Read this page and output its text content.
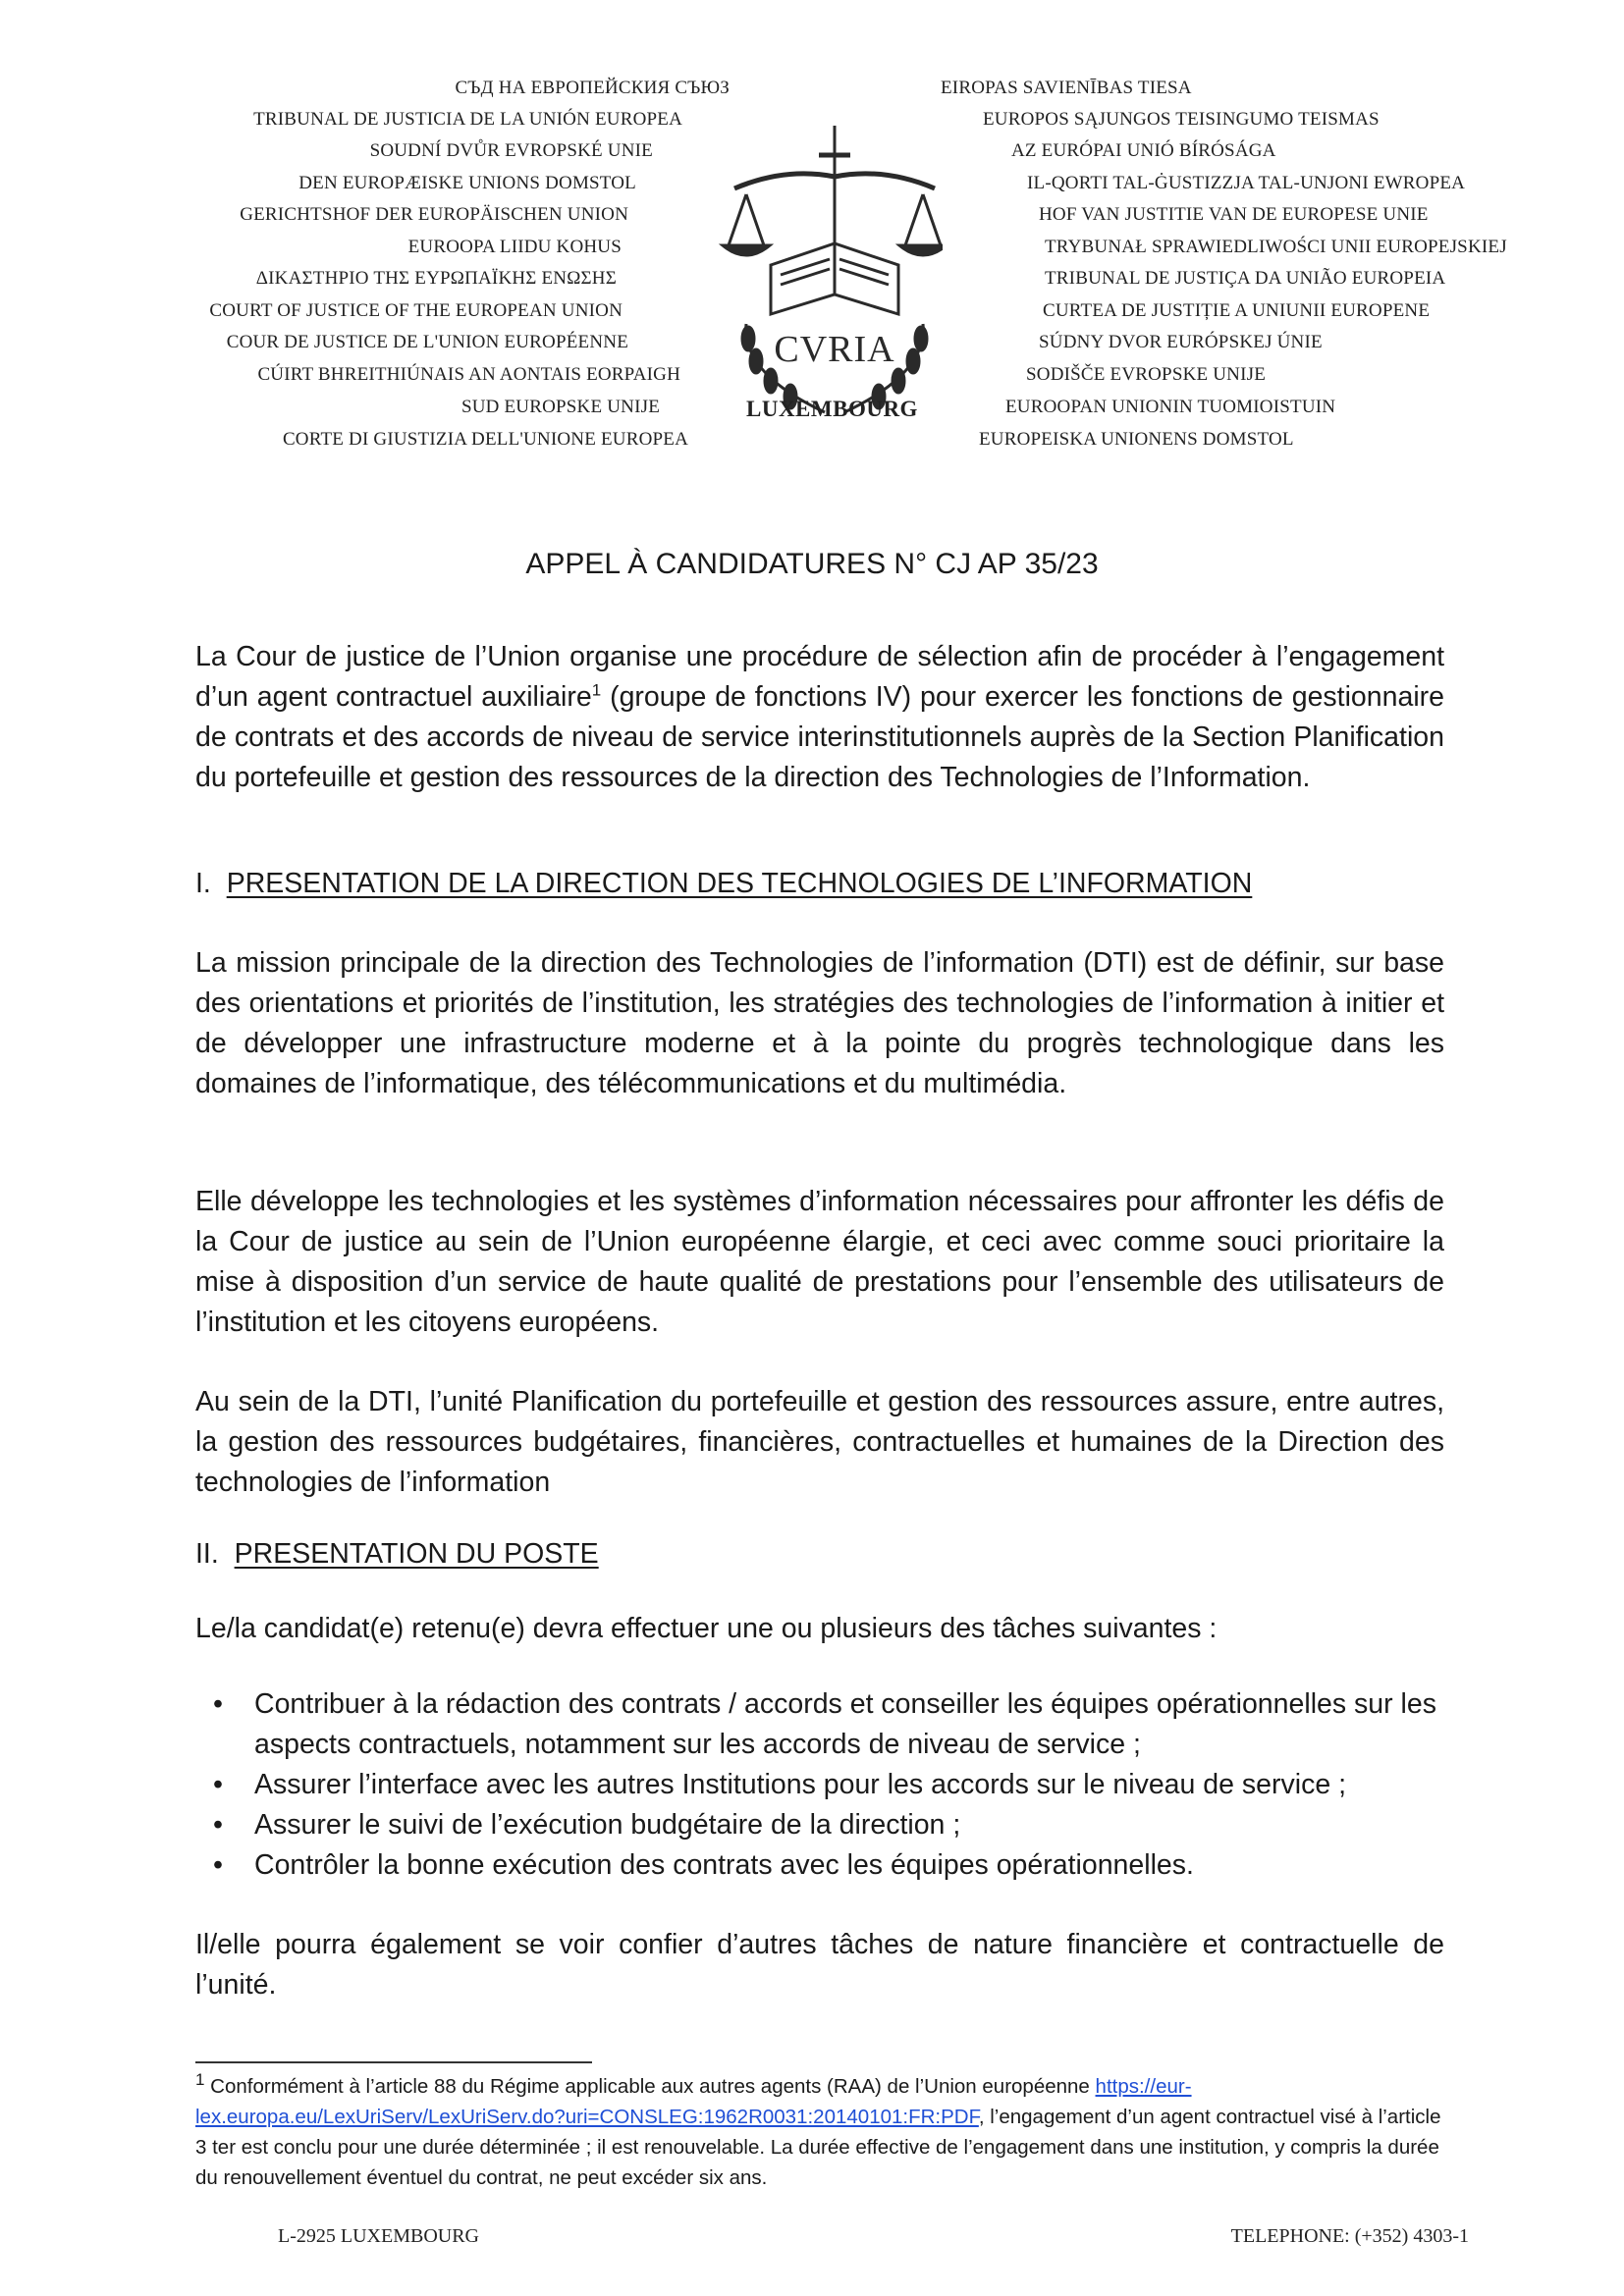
СЪД НА ЕВРОПЕЙСКИЯ СЪЮЗ
TRIBUNAL DE JUSTICIA DE LA UNIÓN EUROPEA
SOUDNÍ DVŮR EVROPSKÉ UNIE
DEN EUROPÆISKE UNIONS DOMSTOL
GERICHTSHOF DER EUROPÄISCHEN UNION
EUROOPA LIIDU KOHUS
ΔΙΚΑΣΤΗΡΙΟ ΤΗΣ ΕΥΡΩΠΑΪΚΗΣ ΕΝΩΣΗΣ
COURT OF JUSTICE OF THE EUROPEAN UNION
COUR DE JUSTICE DE L'UNION EUROPÉENNE
CÚIRT BHREITHIÚNAIS AN AONTAIS EORPAIGH
SUD EUROPSKE UNIJE
CORTE DI GIUSTIZIA DELL'UNIONE EUROPEA
CVRIA
LUXEMBOURG
EIROPAS SAVIENĪBAS TIESA
EUROPOS SĄJUNGOS TEISINGUMO TEISMAS
AZ EURÓPAI UNIÓ BÍRÓSÁGA
IL-QORTI TAL-ĠUSTIZZJA TAL-UNJONI EWROPEA
HOF VAN JUSTITIE VAN DE EUROPESE UNIE
TRYBUNAŁ SPRAWIEDLIWOŚCI UNII EUROPEJSKIEJ
TRIBUNAL DE JUSTIÇA DA UNIÃO EUROPEIA
CURTEA DE JUSTIȚIE A UNIUNII EUROPENE
SÚDNY DVOR EURÓPSKEJ ÚNIE
SODIŠČE EVROPSKE UNIJE
EUROOPAN UNIONIN TUOMIOISTUIN
EUROPEISKA UNIONENS DOMSTOL
APPEL À CANDIDATURES N° CJ AP 35/23

La Cour de justice de l’Union organise une procédure de sélection afin de procéder à l’engagement d’un agent contractuel auxiliaire$^1$ (groupe de fonctions IV) pour exercer les fonctions de gestionnaire de contrats et des accords de niveau de service interinstitutionnels auprès de la Section Planification du portefeuille et gestion des ressources de la direction des Technologies de l’Information.

I. PRESENTATION DE LA DIRECTION DES TECHNOLOGIES DE L’INFORMATION

La mission principale de la direction des Technologies de l’information (DTI) est de définir, sur base des orientations et priorités de l’institution, les stratégies des technologies de l’information à initier et de développer une infrastructure moderne et à la pointe du progrès technologique dans les domaines de l’informatique, des télécommunications et du multimédia.

Elle développe les technologies et les systèmes d’information nécessaires pour affronter les défis de la Cour de justice au sein de l’Union européenne élargie, et ceci avec comme souci prioritaire la mise à disposition d’un service de haute qualité de prestations pour l’ensemble des utilisateurs de l’institution et les citoyens européens.

Au sein de la DTI, l’unité Planification du portefeuille et gestion des ressources assure, entre autres, la gestion des ressources budgétaires, financières, contractuelles et humaines de la Direction des technologies de l’information

II. PRESENTATION DU POSTE

Le/la candidat(e) retenu(e) devra effectuer une ou plusieurs des tâches suivantes :

• Contribuer à la rédaction des contrats / accords et conseiller les équipes opérationnelles sur les aspects contractuels, notamment sur les accords de niveau de service ;
• Assurer l’interface avec les autres Institutions pour les accords sur le niveau de service ;
• Assurer le suivi de l’exécution budgétaire de la direction ;
• Contrôler la bonne exécution des contrats avec les équipes opérationnelles.

Il/elle pourra également se voir confier d’autres tâches de nature financière et contractuelle de l’unité.

$^1$ Conformément à l’article 88 du Régime applicable aux autres agents (RAA) de l’Union européenne https://eur-lex.europa.eu/LexUriServ/LexUriServ.do?uri=CONSLEG:1962R0031:20140101:FR:PDF, l’engagement d’un agent contractuel visé à l’article 3 ter est conclu pour une durée déterminée ; il est renouvelable. La durée effective de l’engagement dans une institution, y compris la durée du renouvellement éventuel du contrat, ne peut excéder six ans.

L-2925 LUXEMBOURG	TELEPHONE: (+352) 4303-1
